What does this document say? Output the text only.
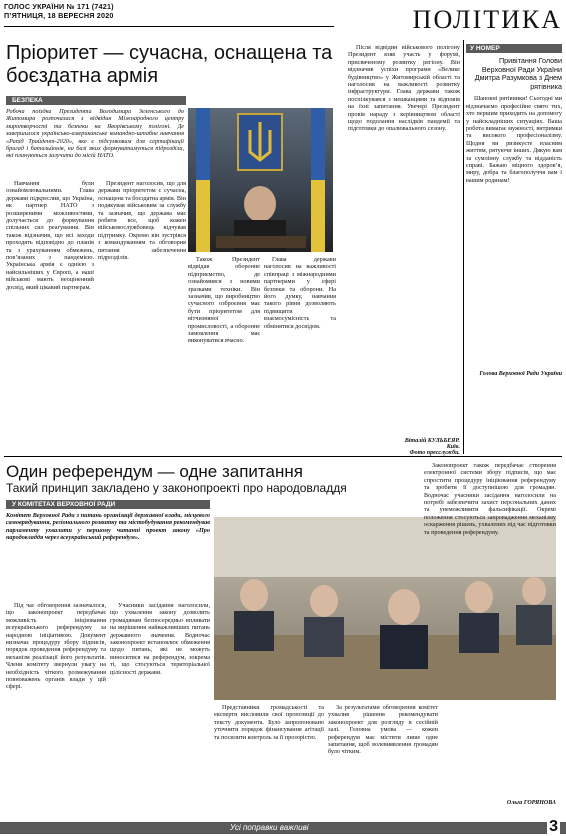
ГОЛОС УКРАЇНИ № 171 (7421)
П’ЯТНИЦЯ, 18 ВЕРЕСНЯ 2020	ПОЛІТИКА
Пріоритет — сучасна, оснащена та боєздатна армія
БЕЗПЕКА
Робоча поїздка Президента Володимира Зеленського до Житомира розпочалася з відвідин Міжнародного центру миротворчості та безпеки на Яворівському полігоні. Де завершилося українсько-американське командно-штабне навчання «Рапід Трайдент-2020», яке є підсумковим для сертифікації бригад і батальйонів, на базі яких формуватимуться підрозділи, які плануються залучити до місій НАТО.

Навчання були ознайомлювальними. Глава держави підкреслив, що Україна, як партнер НАТО з розширеними можливостями, долучається до формування спільних сил реагування. Він також відзначив, що всі заходи проходять відповідно до планів та з урахуванням обмежень, пов’язаних з пандемією. Українська армія є однією з найсильніших у Європі, а наші військові мають неоціненний досвід, який цікавий партнерам.

Президент наголосив, що для держави пріоритетом є сучасна, оснащена та боєздатна армія. Він подякував військовим за службу та зазначив, що держава має робити все, щоб кожен військовослужбовець відчував підтримку. Окремо він зустрівся з командуванням та обговорив питання забезпечення підрозділів.	Також Президент відвідав оборонне підприємство, де ознайомився з новими зразками техніки. Він зазначив, що виробництво сучасного озброєння має бути пріоритетом для вітчизняної промисловості, а оборонне замовлення має виконуватися вчасно.

Глава держави наголосив на важливості співпраці з міжнародними партнерами у сфері безпеки та оборони. На його думку, навчання такого рівня дозволяють підвищити взаємосумісність та обмінятися досвідом.

Після відвідин військового полігону Президент взяв участь у форумі, присвяченому розвитку регіону. Він відзначив успіхи програми «Велике будівництво» у Житомирській області та наголосив на важливості розвитку інфраструктури. Глава держави також поспілкувався з мешканцями та відповів на їхні запитання. Увечері Президент провів нараду з керівництвом області щодо подолання наслідків пандемії та підготовки до опалювального сезону.

Віталій КУЛЬБЕЯР.
Київ.
Фото пресслужби.
У НОМЕР
Привітання Голови Верховної Ради України Дмитра Разумкова з Днем рятівника

Шановні рятівники! Сьогодні ми відзначаємо професійне свято тих, хто першим приходить на допомогу у найскладніших ситуаціях. Ваша робота вимагає мужності, витримки та високого професіоналізму. Щодня ви ризикуєте власним життям, рятуючи інших. Дякую вам за сумлінну службу та відданість справі. Бажаю міцного здоров’я, миру, добра та благополуччя вам і вашим родинам!

Голова Верховної Ради України
Один референдум — одне запитання
Такий принцип закладено у законопроекті про народовладдя
У КОМІТЕТАХ ВЕРХОВНОЇ РАДИ
Комітет Верховної Ради з питань організації державної влади, місцевого самоврядування, регіонального розвитку та містобудування рекомендував парламенту ухвалити у першому читанні проект закону «Про народовладдя через всеукраїнський референдум».

Під час обговорення зазначалося, що законопроект передбачає можливість ініціювання всеукраїнського референдуму за народною ініціативою. Документ визначає процедуру збору підписів, порядок проведення референдуму та механізм реалізації його результатів. Члени комітету звернули увагу на необхідність чіткого розмежування повноважень органів влади у цій сфері.

Учасники засідання наголосили, що ухвалення закону дозволить громадянам безпосередньо впливати на вирішення найважливіших питань державного значення. Водночас законопроект встановлює обмеження щодо питань, які не можуть виноситися на референдум, зокрема ті, що стосуються територіальної цілісності держави.

Законопроект також передбачає створення електронної системи збору підписів, що має спростити процедуру ініціювання референдуму та зробити її доступнішою для громадян. Водночас учасники засідання наголосили на потребі забезпечити захист персональних даних та унеможливити фальсифікації. Окремі положення стосуються запровадження механізму оскарження рішень, ухвалених під час підготовки та проведення референдуму.

Представники громадськості та експерти висловили свої пропозиції до тексту документа. Було запропоновано уточнити порядок фінансування агітації та посилити контроль за її прозорістю.

За результатами обговорення комітет ухвалив рішення рекомендувати законопроект для розгляду в сесійній залі. Головна умова — кожен референдум має містити лише одне запитання, щоб волевиявлення громадян було чітким.

Ольга ГОРЯНОВА
Усі поправки важливі	3
